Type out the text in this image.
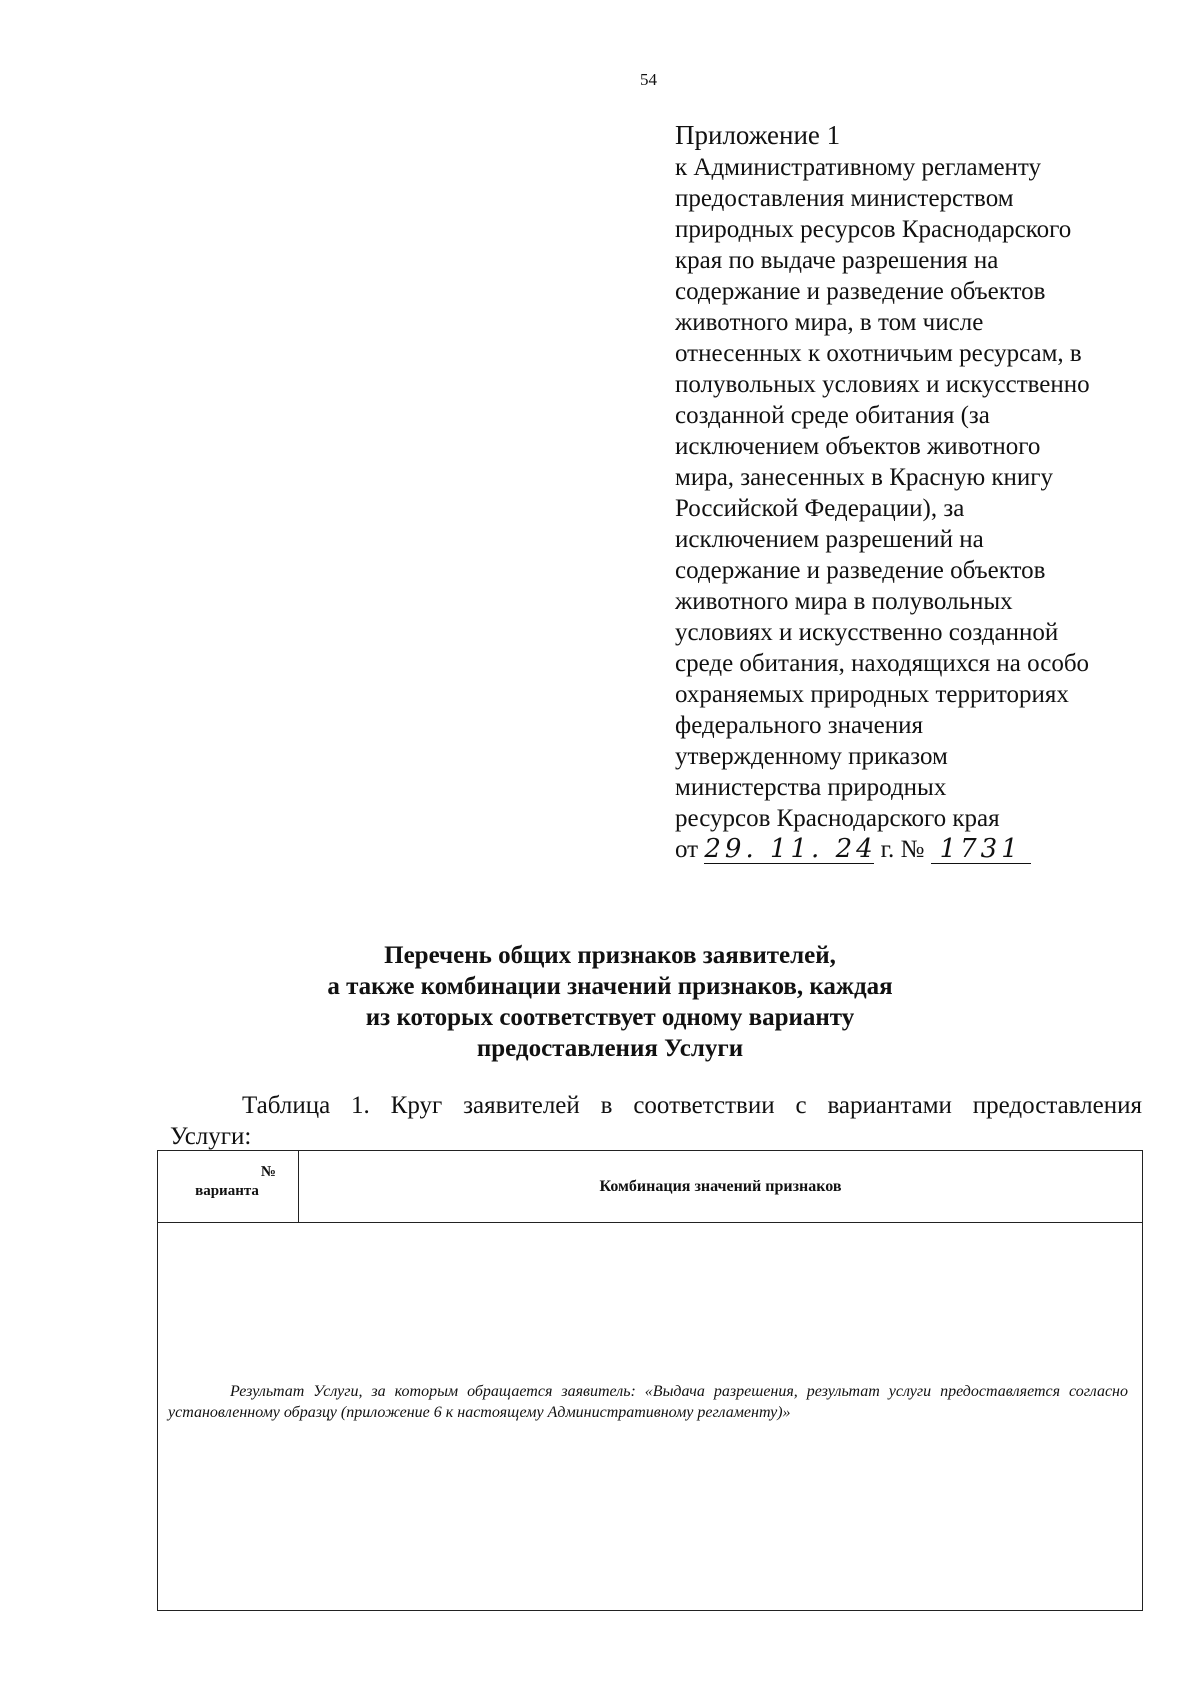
54
Приложение 1
к Административному регламенту
предоставления министерством
природных ресурсов Краснодарского
края по выдаче разрешения на
содержание и разведение объектов
животного мира, в том числе
отнесенных к охотничьим ресурсам, в
полувольных условиях и искусственно
созданной среде обитания (за
исключением объектов животного
мира, занесенных в Красную книгу
Российской Федерации), за
исключением разрешений на
содержание и разведение объектов
животного мира в полувольных
условиях и искусственно созданной
среде обитания, находящихся на особо
охраняемых природных территориях
федерального значения
утвержденному приказом
министерства природных
ресурсов Краснодарского края
от 29. 11. 24 г. № 1731
Перечень общих признаков заявителей,
а также комбинации значений признаков, каждая
из которых соответствует одному варианту
предоставления Услуги
Таблица 1. Круг заявителей в соответствии с вариантами предоставления
Услуги:
№
варианта	Комбинация значений признаков
Результат Услуги, за которым обращается заявитель: «Выдача разрешения, результат услуги предоставляется согласно установленному образцу (приложение 6 к настоящему Административному регламенту)»
